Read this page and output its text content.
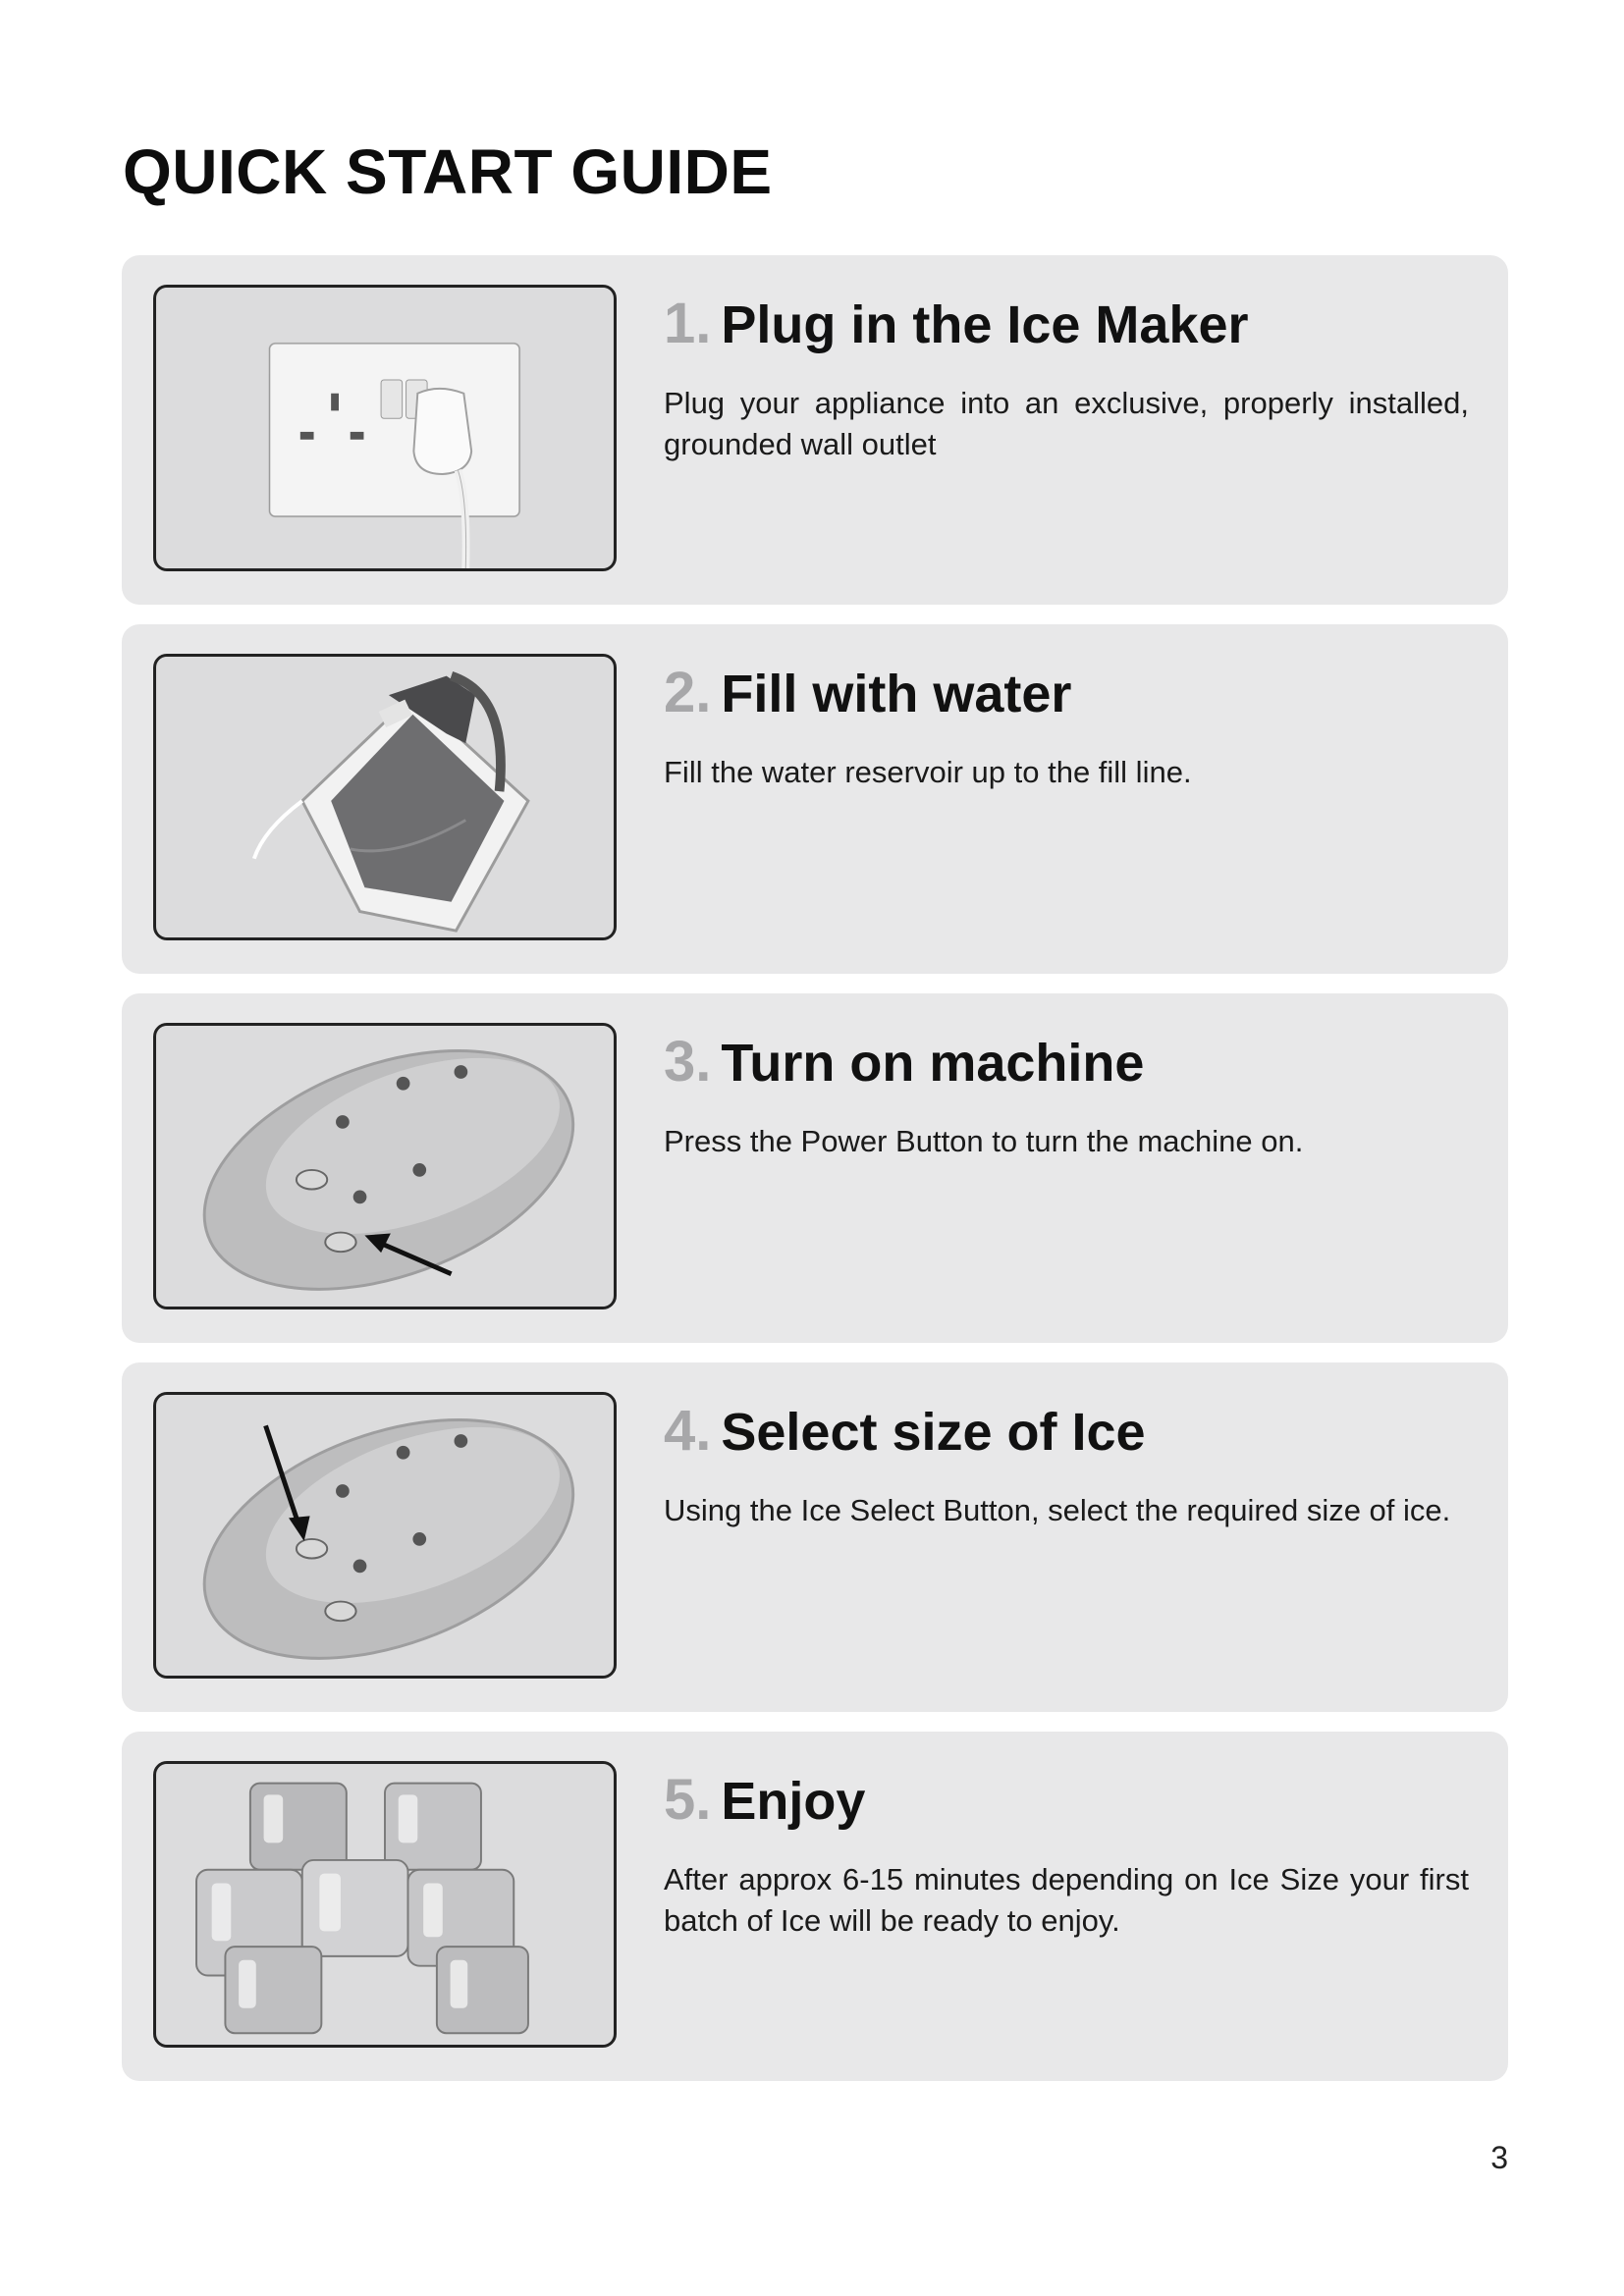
QUICK START GUIDE
1. Plug in the Ice Maker

Plug your appliance into an exclusive, properly installed, grounded wall outlet

2. Fill with water

Fill the water reservoir up to the fill line.

3. Turn on machine

Press the Power Button to turn the machine on.

4. Select size of Ice

Using the Ice Select Button, select the required size of ice.

5. Enjoy

After approx 6-15 minutes depending on Ice Size your first batch of Ice will be ready to enjoy.

3
